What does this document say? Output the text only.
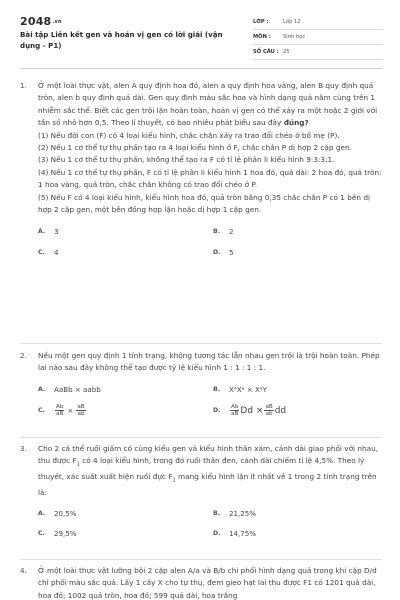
2048.vn
Bài tập Liên kết gen và hoán vị gen có lời giải (vận dụng - P1)
LỚP :	Lớp 12
MÔN :	Sinh học
SỐ CÂU : 25
1.	Ở một loài thực vật, alen A quy định hoa đỏ, alen a quy định hoa vàng, alen B quy định quả tròn, alen b quy định quả dài. Gen quy định màu sắc hoa và hình dạng quả nằm cùng trên 1 nhiễm sắc thể. Biết các gen trội lặn hoàn toàn, hoán vị gen có thể xảy ra một hoặc 2 giới với tần số nhỏ hơn 0,5. Theo lí thuyết, có bao nhiêu phát biểu sau đây đúng?

(1) Nếu đời con (F) có 4 loại kiểu hình, chắc chắn xảy ra trao đổi chéo ở bố mẹ (P).

(2) Nếu 1 cơ thể tự thụ phấn tạo ra 4 loại kiểu hình ở F, chắc chắn P dị hợp 2 cặp gen.

(3) Nếu 1 cơ thể tự thụ phấn, không thể tạo ra F có tỉ lệ phân li kiểu hình 9:3:3:1.

(4) Nếu 1 cơ thể tự thụ phấn, F có tỉ lệ phân li kiểu hình 1 hoa đỏ, quả dài: 2 hoa đỏ, quả tròn: 1 hoa vàng, quả tròn, chắc chắn không có trao đổi chéo ở P.

(5) Nếu F có 4 loại kiểu hình, kiểu hình hoa đỏ, quả tròn bằng 0,35 chắc chắn P có 1 bên dị hợp 2 cặp gen, một bên đồng hợp lặn hoặc dị hợp 1 cặp gen.

A.	3	B.	2
C.	4	D.	5
2.	Nếu một gen quy định 1 tính trạng, không tương tác lẫn nhau gen trội là trội hoàn toàn. Phép lai nào sau đây không thể tạo được tỷ lệ kiểu hình 1 : 1 : 1 : 1.

A.	AaBb × aabb	B.	XᴬXᵃ × XᵃY
C.	$\frac{Ab}{aB} \times \frac{aB}{ab}$	D.	$\frac{Ab}{aB}$ $Dd \times \frac{aB}{ab}$ dd
3.	Cho 2 cá thể ruồi giấm có cùng kiểu gen và kiểu hình thân xám, cánh dài giao phối với nhau, thu được $F_1$ có 4 loại kiểu hình, trong đó ruồi thân đen, cánh dài chiếm tỉ lệ 4,5%. Theo lý thuyết, xác suất xuất hiện ruồi đực $F_1$ mang kiểu hình lặn ít nhất về 1 trong 2 tính trạng trên là:

A.	20,5%	B.	21,25%
C.	29,5%	D.	14,75%
4.	Ở một loài thực vật lưỡng bội 2 cặp alen A/a và B/b chi phối hình dạng quả trong khi cặp D/d chi phối màu sắc quả. Lấy 1 cây X cho tự thụ, đem gieo hạt lai thu được F1 có 1201 quả dài, hoa đỏ; 1002 quả tròn, hoa đỏ; 599 quả dài, hoa trắng
